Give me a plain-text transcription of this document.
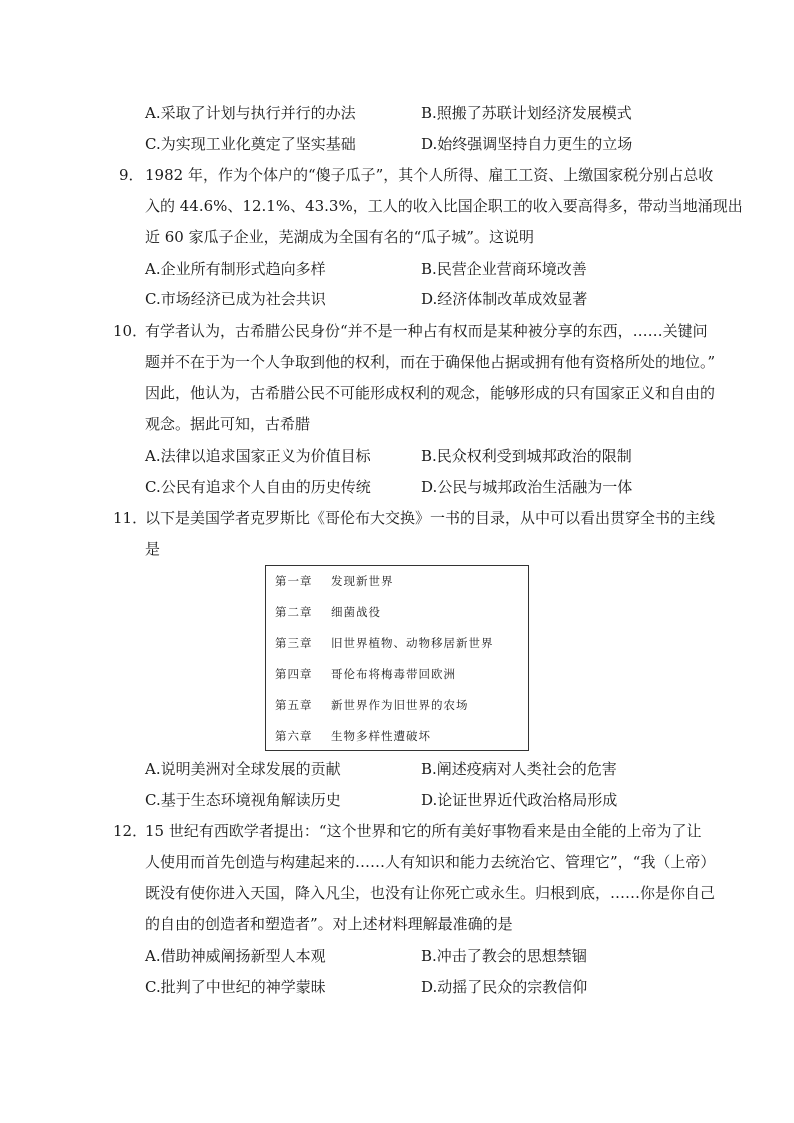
A.采取了计划与执行并行的办法	B.照搬了苏联计划经济发展模式
C.为实现工业化奠定了坚实基础	D.始终强调坚持自力更生的立场
9． 1982 年，作为个体户的“傻子瓜子”，其个人所得、雇工工资、上缴国家税分别占总收
入的 44.6%、12.1%、43.3%，工人的收入比国企职工的收入要高得多，带动当地涌现出
近 60 家瓜子企业，芜湖成为全国有名的“瓜子城”。这说明
A.企业所有制形式趋向多样	B.民营企业营商环境改善
C.市场经济已成为社会共识	D.经济体制改革成效显著
10．
有学者认为，古希腊公民身份“并不是一种占有权而是某种被分享的东西，……关键问
题并不在于为一个人争取到他的权利，而在于确保他占据或拥有他有资格所处的地位。”
因此，他认为，古希腊公民不可能形成权利的观念，能够形成的只有国家正义和自由的
观念。据此可知，古希腊
A.法律以追求国家正义为价值目标	B.民众权利受到城邦政治的限制
C.公民有追求个人自由的历史传统	D.公民与城邦政治生活融为一体
11．
以下是美国学者克罗斯比《哥伦布大交换》一书的目录，从中可以看出贯穿全书的主线
是
第一章 发现新世界
第二章 细菌战役
第三章 旧世界植物、动物移居新世界
第四章 哥伦布将梅毒带回欧洲
第五章 新世界作为旧世界的农场
第六章 生物多样性遭破坏
A.说明美洲对全球发展的贡献	B.阐述疫病对人类社会的危害
C.基于生态环境视角解读历史	D.论证世界近代政治格局形成
12．
15 世纪有西欧学者提出：“这个世界和它的所有美好事物看来是由全能的上帝为了让
人使用而首先创造与构建起来的……人有知识和能力去统治它、管理它”，“我（上帝）
既没有使你进入天国，降入凡尘，也没有让你死亡或永生。归根到底，……你是你自己
的自由的创造者和塑造者”。对上述材料理解最准确的是
A.借助神威阐扬新型人本观	B.冲击了教会的思想禁锢
C.批判了中世纪的神学蒙昧	D.动摇了民众的宗教信仰
